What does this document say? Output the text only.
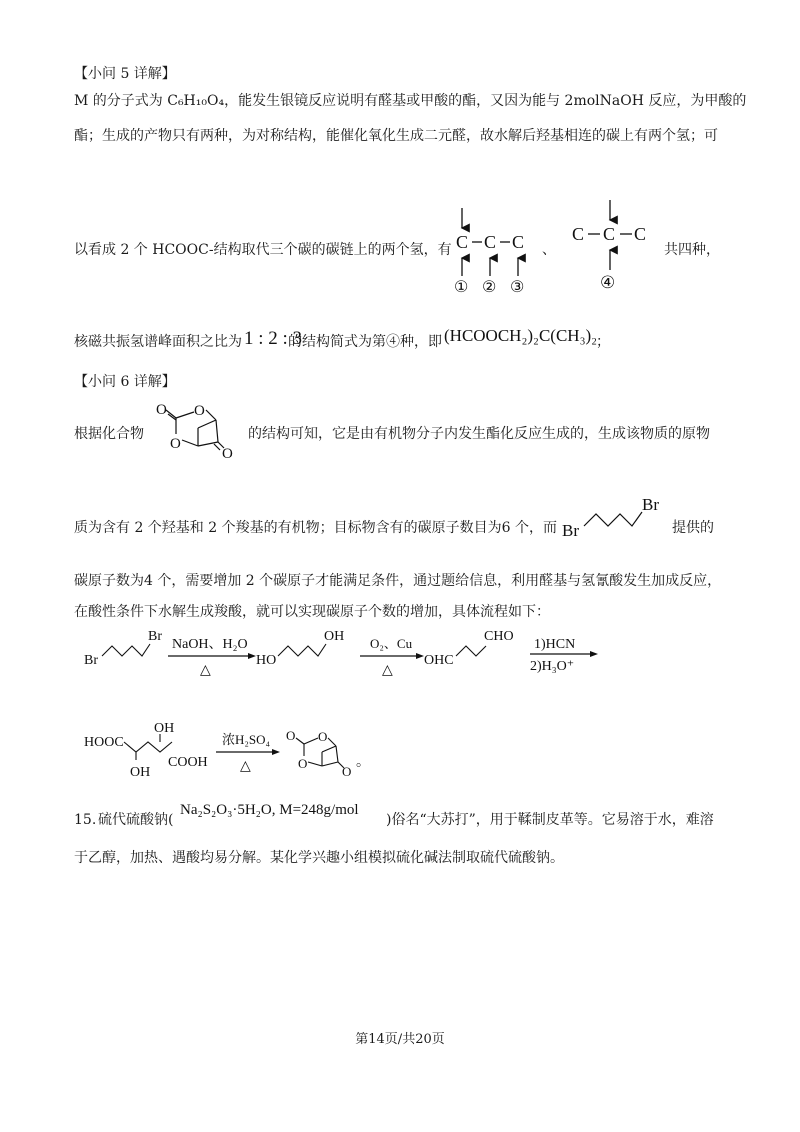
【小问 5 详解】
M 的分子式为 C₆H₁₀O₄，能发生银镜反应说明有醛基或甲酸的酯，又因为能与 2molNaOH 反应，为甲酸的
酯；生成的产物只有两种，为对称结构，能催化氧化生成二元醛，故水解后羟基相连的碳上有两个氢；可
以看成 2 个 HCOOC-结构取代三个碳的碳链上的两个氢，有 C C C
① ② ③
、
C C C
④
共四种，
核磁共振氢谱峰面积之比为 1 : 2 : 3
的结构简式为第④种，即 (HCOOCH₂)₂C(CH₃)₂
；
【小问 6 详解】
根据化合物
O O
O
O
的结构可知，它是由有机物分子内发生酯化反应生成的，生成该物质的原物
质为含有 2 个羟基和 2 个羧基的有机物；目标物含有的碳原子数目为6 个，而 Br
Br
提供的
碳原子数为4 个，需要增加 2 个碳原子才能满足条件，通过题给信息，利用醛基与氢氰酸发生加成反应，
在酸性条件下水解生成羧酸，就可以实现碳原子个数的增加，具体流程如下：
Br
Br
NaOH、H₂O
△
HO
OH O₂、Cu
△
OHC
CHO
1)HCN
2)H₃O⁺
HOOC
OH
OH
COOH
浓H₂SO₄
△
O O
O
O
。
15. 硫代硫酸钠(
Na₂S₂O₃·5H₂O, M=248g/mol
)俗名“大苏打”，用于鞣制皮革等。它易溶于水，难溶
于乙醇，加热、遇酸均易分解。某化学兴趣小组模拟硫化碱法制取硫代硫酸钠。
第14页/共20页
